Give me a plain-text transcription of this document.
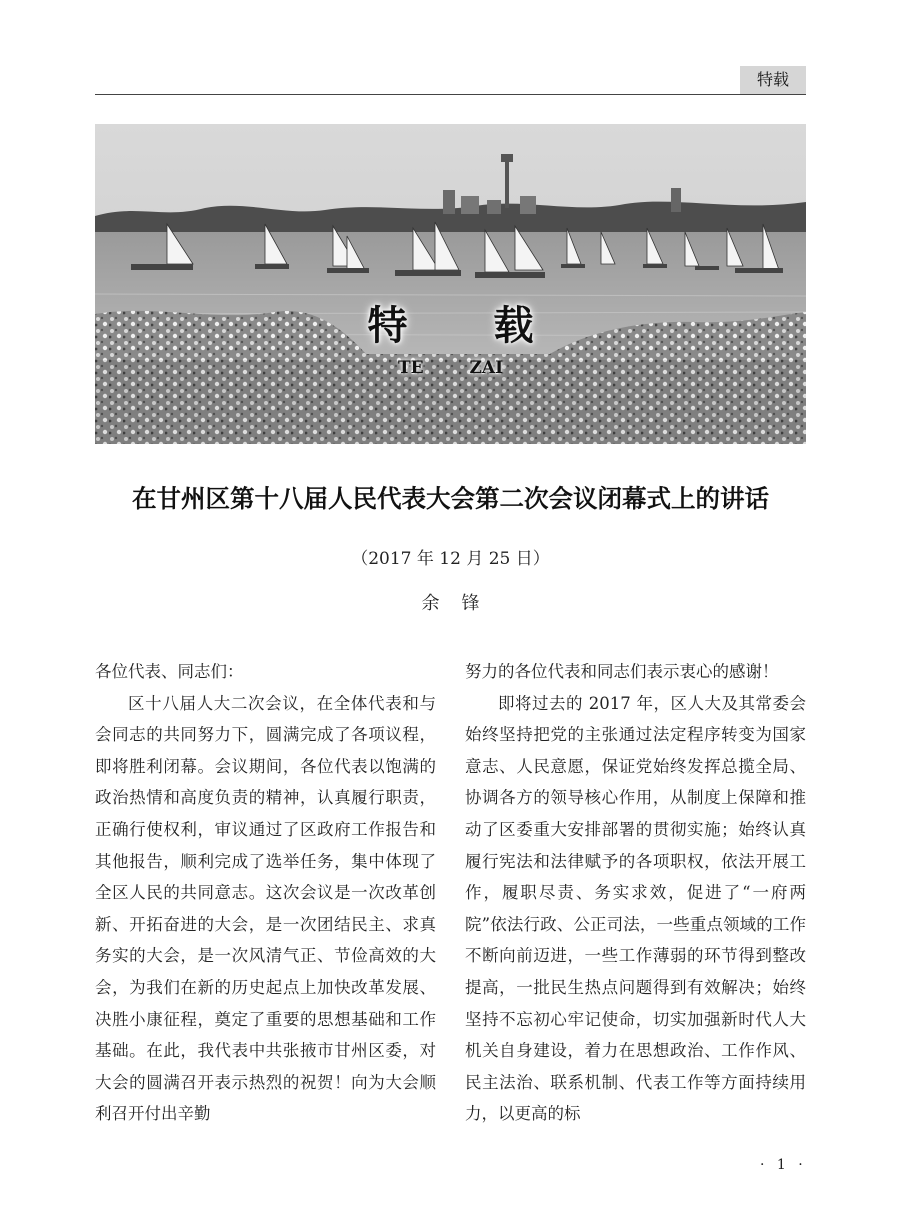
特载
特 载
TE ZAI
在甘州区第十八届人民代表大会第二次会议闭幕式上的讲话
（2017 年 12 月 25 日）
余锋

各位代表、同志们：

区十八届人大二次会议，在全体代表和与会同志的共同努力下，圆满完成了各项议程，即将胜利闭幕。会议期间，各位代表以饱满的政治热情和高度负责的精神，认真履行职责，正确行使权利，审议通过了区政府工作报告和其他报告，顺利完成了选举任务，集中体现了全区人民的共同意志。这次会议是一次改革创新、开拓奋进的大会，是一次团结民主、求真务实的大会，是一次风清气正、节俭高效的大会，为我们在新的历史起点上加快改革发展、决胜小康征程，奠定了重要的思想基础和工作基础。在此，我代表中共张掖市甘州区委，对大会的圆满召开表示热烈的祝贺！向为大会顺利召开付出辛勤

努力的各位代表和同志们表示衷心的感谢！

即将过去的 2017 年，区人大及其常委会始终坚持把党的主张通过法定程序转变为国家意志、人民意愿，保证党始终发挥总揽全局、协调各方的领导核心作用，从制度上保障和推动了区委重大安排部署的贯彻实施；始终认真履行宪法和法律赋予的各项职权，依法开展工作，履职尽责、务实求效，促进了“一府两院”依法行政、公正司法，一些重点领域的工作不断向前迈进，一些工作薄弱的环节得到整改提高，一批民生热点问题得到有效解决；始终坚持不忘初心牢记使命，切实加强新时代人大机关自身建设，着力在思想政治、工作作风、民主法治、联系机制、代表工作等方面持续用力，以更高的标

· 1 ·
